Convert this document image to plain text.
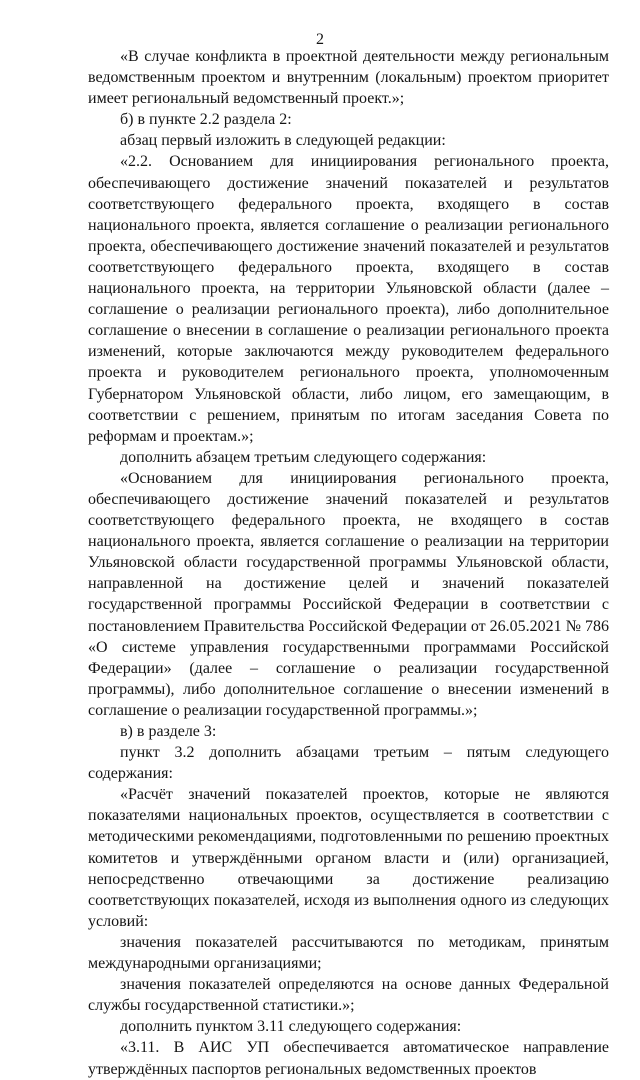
2

«В случае конфликта в проектной деятельности между региональным ведомственным проектом и внутренним (локальным) проектом приоритет имеет региональный ведомственный проект.»;

б) в пункте 2.2 раздела 2:

абзац первый изложить в следующей редакции:

«2.2. Основанием для инициирования регионального проекта, обеспечивающего достижение значений показателей и результатов соответствующего федерального проекта, входящего в состав национального проекта, является соглашение о реализации регионального проекта, обеспечивающего достижение значений показателей и результатов соответствующего федерального проекта, входящего в состав национального проекта, на территории Ульяновской области (далее – соглашение о реализации регионального проекта), либо дополнительное соглашение о внесении в соглашение о реализации регионального проекта изменений, которые заключаются между руководителем федерального проекта и руководителем регионального проекта, уполномоченным Губернатором Ульяновской области, либо лицом, его замещающим, в соответствии с решением, принятым по итогам заседания Совета по реформам и проектам.»;

дополнить абзацем третьим следующего содержания:

«Основанием для инициирования регионального проекта, обеспечивающего достижение значений показателей и результатов соответствующего федерального проекта, не входящего в состав национального проекта, является соглашение о реализации на территории Ульяновской области государственной программы Ульяновской области, направленной на достижение целей и значений показателей государственной программы Российской Федерации в соответствии с постановлением Правительства Российской Федерации от 26.05.2021 № 786 «О системе управления государственными программами Российской Федерации» (далее – соглашение о реализации государственной программы), либо дополнительное соглашение о внесении изменений в соглашение о реализации государственной программы.»;

в) в разделе 3:

пункт 3.2 дополнить абзацами третьим – пятым следующего содержания:

«Расчёт значений показателей проектов, которые не являются показателями национальных проектов, осуществляется в соответствии с методическими рекомендациями, подготовленными по решению проектных комитетов и утверждёнными органом власти и (или) организацией, непосредственно отвечающими за достижение реализацию соответствующих показателей, исходя из выполнения одного из следующих условий:

значения показателей рассчитываются по методикам, принятым международными организациями;

значения показателей определяются на основе данных Федеральной службы государственной статистики.»;

дополнить пунктом 3.11 следующего содержания:

«3.11. В АИС УП обеспечивается автоматическое направление утверждённых паспортов региональных ведомственных проектов
